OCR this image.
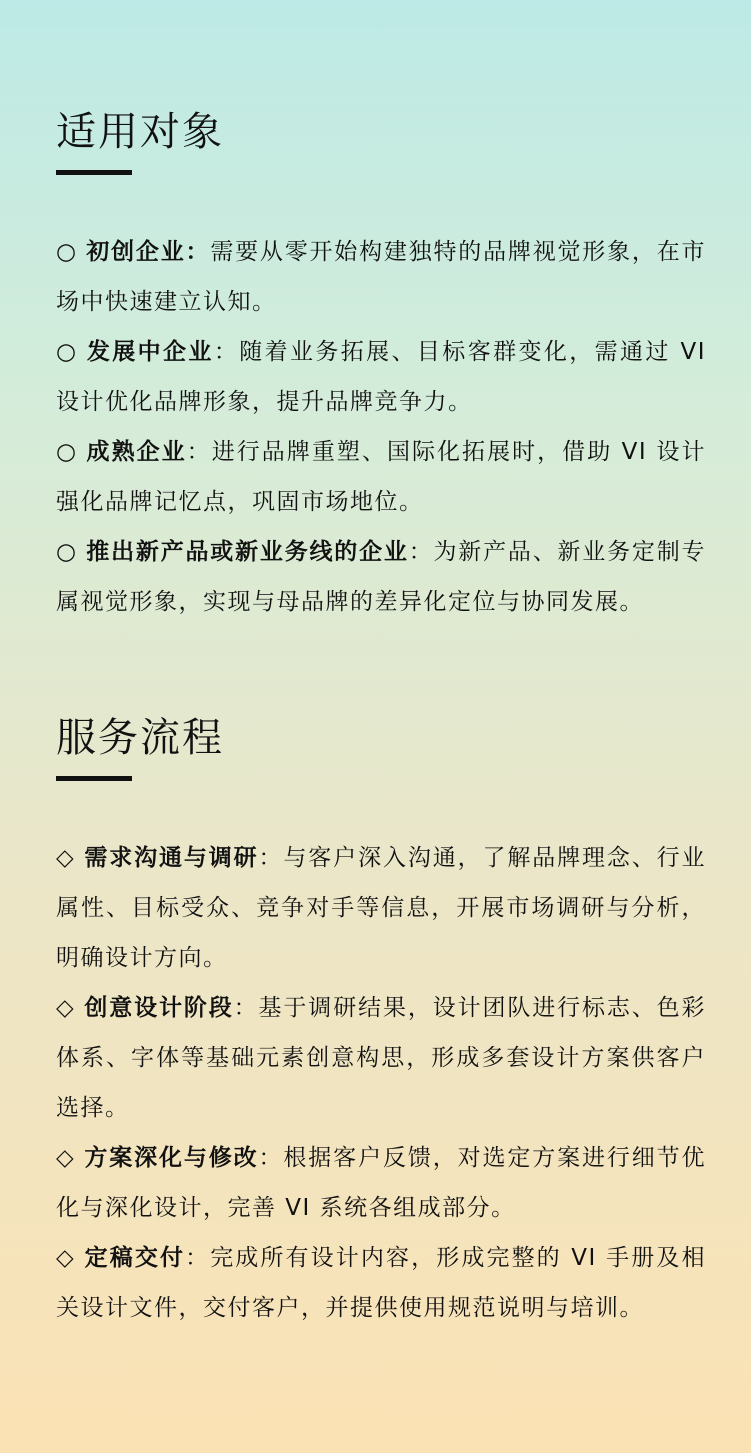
适用对象
○ 初创企业：需要从零开始构建独特的品牌视觉形象，在市场中快速建立认知。
○ 发展中企业：随着业务拓展、目标客群变化，需通过 VI 设计优化品牌形象，提升品牌竞争力。
○ 成熟企业：进行品牌重塑、国际化拓展时，借助 VI 设计强化品牌记忆点，巩固市场地位。
○ 推出新产品或新业务线的企业：为新产品、新业务定制专属视觉形象，实现与母品牌的差异化定位与协同发展。
服务流程
◇ 需求沟通与调研：与客户深入沟通，了解品牌理念、行业属性、目标受众、竞争对手等信息，开展市场调研与分析，明确设计方向。
◇ 创意设计阶段：基于调研结果，设计团队进行标志、色彩体系、字体等基础元素创意构思，形成多套设计方案供客户选择。
◇ 方案深化与修改：根据客户反馈，对选定方案进行细节优化与深化设计，完善 VI 系统各组成部分。
◇ 定稿交付：完成所有设计内容，形成完整的 VI 手册及相关设计文件，交付客户，并提供使用规范说明与培训。
